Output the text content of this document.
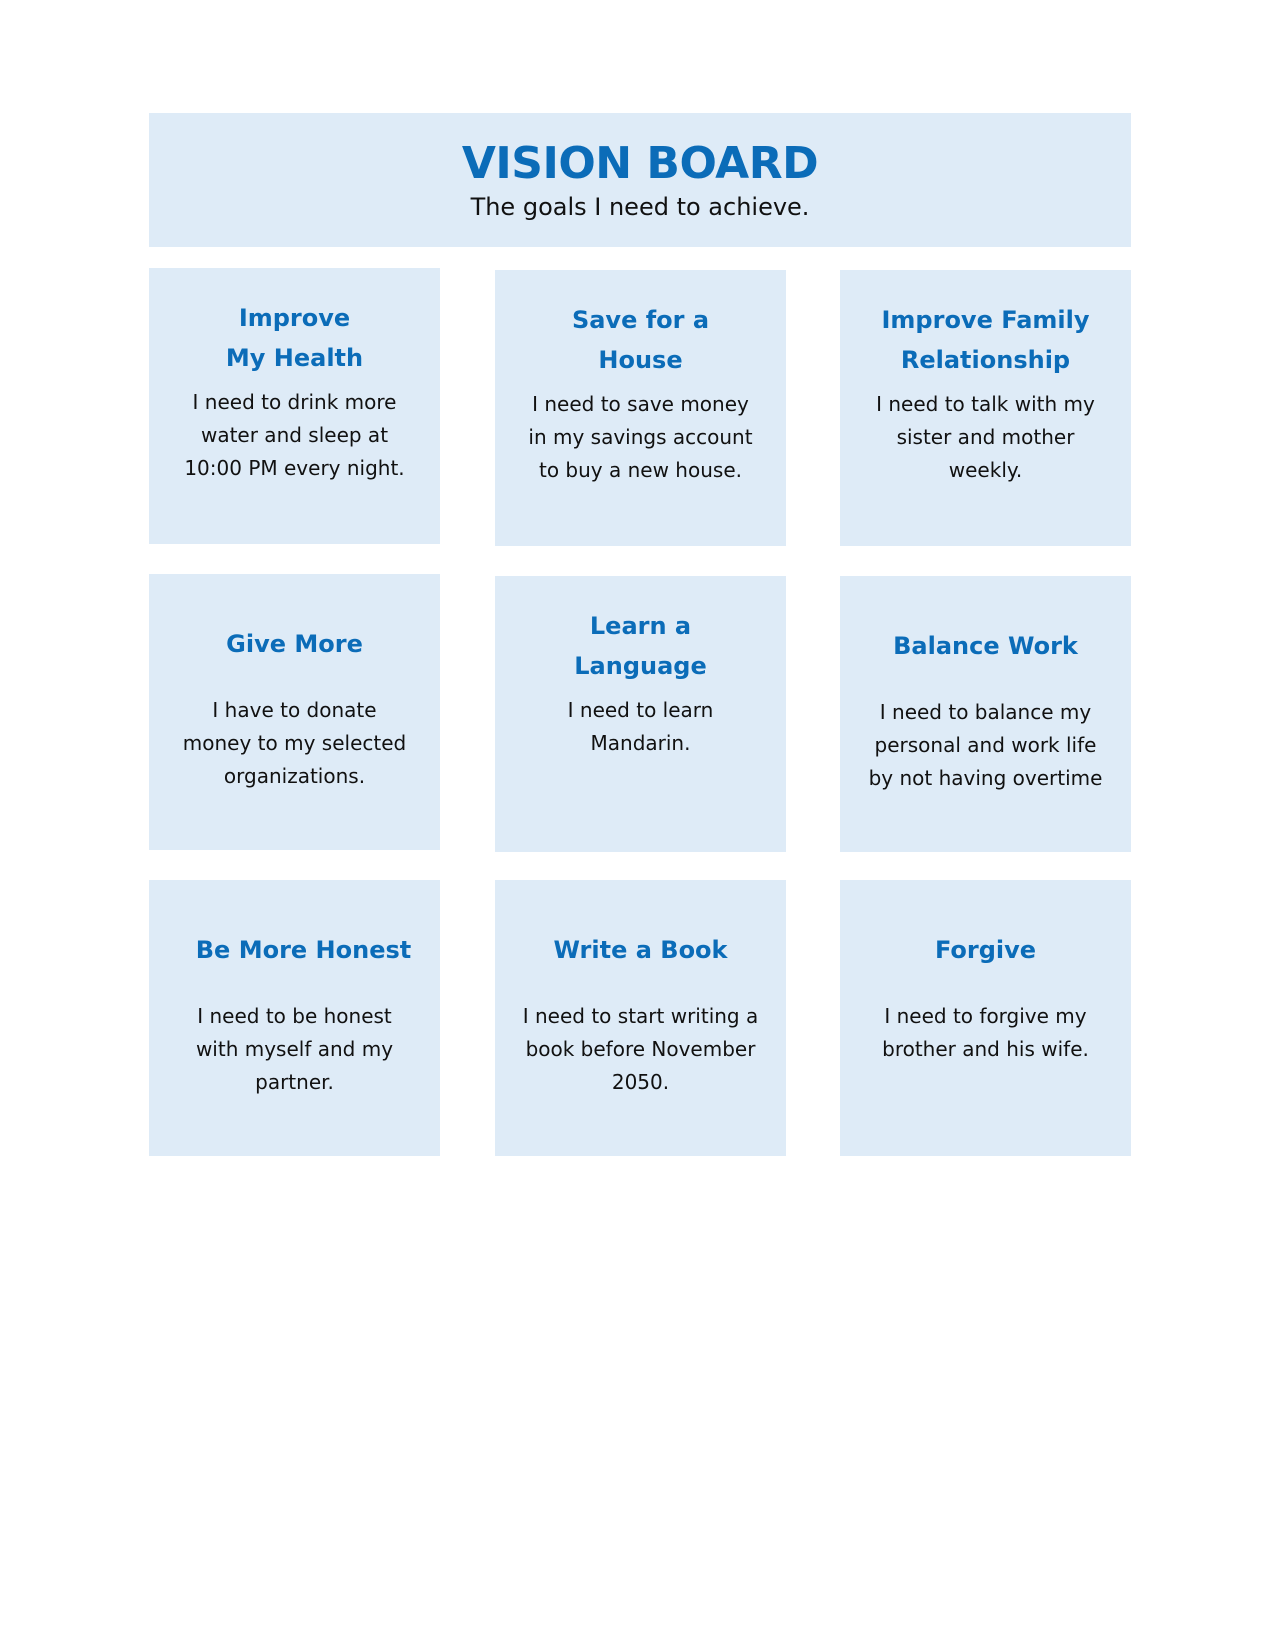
VISION BOARD
The goals I need to achieve.
Improve
My Health
I need to drink more
water and sleep at
10:00 PM every night.
Save for a
House
I need to save money
in my savings account
to buy a new house.
Improve Family
Relationship
I need to talk with my
sister and mother
weekly.
Give More
I have to donate
money to my selected
organizations.
Learn a
Language
I need to learn
Mandarin.
Balance Work
I need to balance my
personal and work life
by not having overtime
Be More Honest
I need to be honest
with myself and my
partner.
Write a Book
I need to start writing a
book before November
2050.
Forgive
I need to forgive my
brother and his wife.
